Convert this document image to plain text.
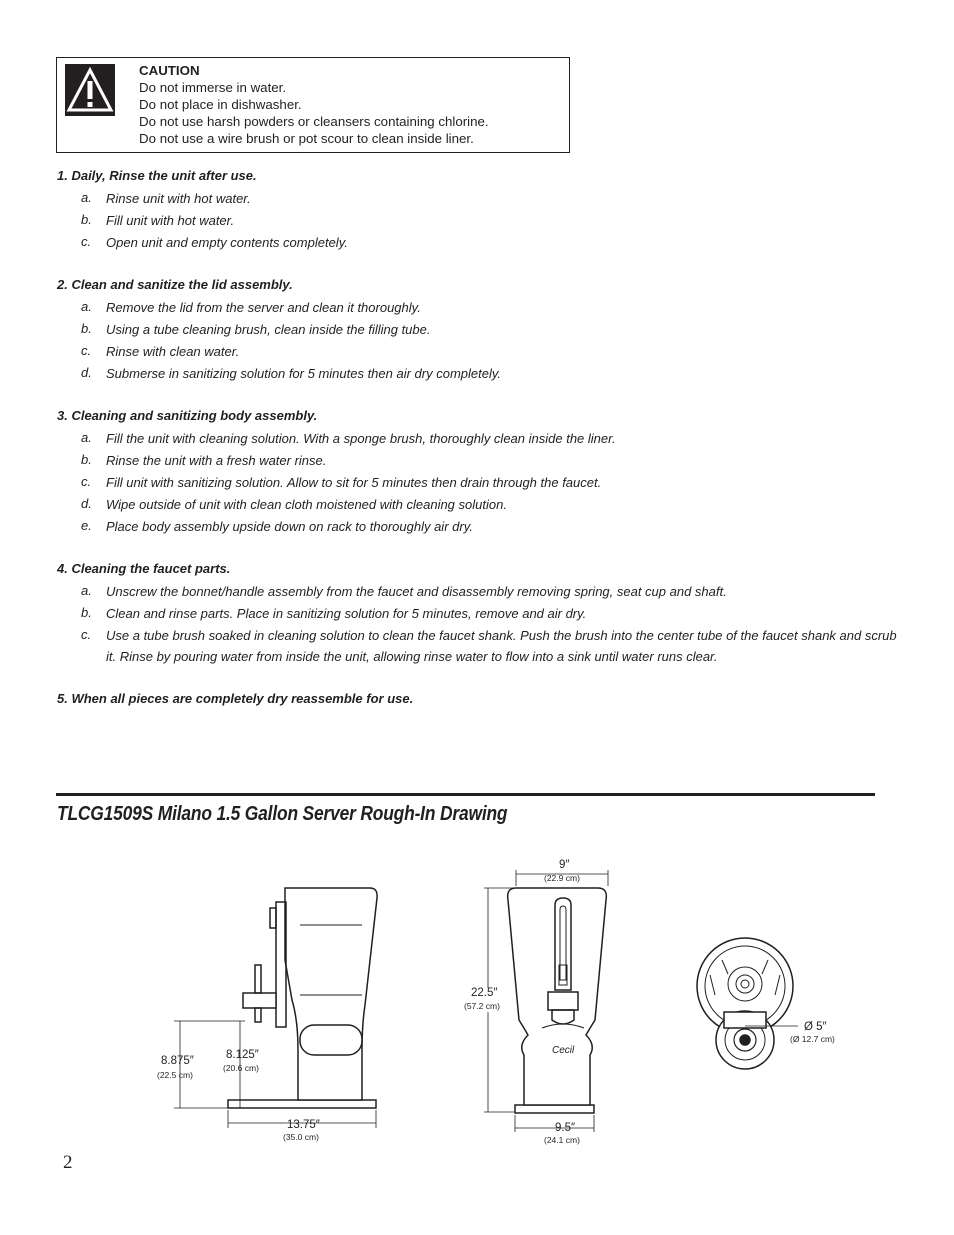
CAUTION
Do not immerse in water.
Do not place in dishwasher.
Do not use harsh powders or cleansers containing chlorine.
Do not use a wire brush or pot scour to clean inside liner.
1. Daily, Rinse the unit after use.
a.	Rinse unit with hot water.
b.	Fill unit with hot water.
c.	Open unit and empty contents completely.
2. Clean and sanitize the lid assembly.
a.	Remove the lid from the server and clean it thoroughly.
b.	Using a tube cleaning brush, clean inside the filling tube.
c.	Rinse with clean water.
d.	Submerse in sanitizing solution for 5 minutes then air dry completely.
3. Cleaning and sanitizing body assembly.
a.	Fill the unit with cleaning solution. With a sponge brush, thoroughly clean inside the liner.
b.	Rinse the unit with a fresh water rinse.
c.	Fill unit with sanitizing solution. Allow to sit for 5 minutes then drain through the faucet.
d.	Wipe outside of unit with clean cloth moistened with cleaning solution.
e.	Place body assembly upside down on rack to thoroughly air dry.
4. Cleaning the faucet parts.
a.	Unscrew the bonnet/handle assembly from the faucet and disassembly removing spring, seat cup and shaft.
b.	Clean and rinse parts. Place in sanitizing solution for 5 minutes, remove and air dry.
c.	Use a tube brush soaked in cleaning solution to clean the faucet shank. Push the brush into the center tube of the faucet shank and scrub it. Rinse by pouring water from inside the unit, allowing rinse water to flow into a sink until water runs clear.
5. When all pieces are completely dry reassemble for use.
TLCG1509S Milano 1.5 Gallon Server Rough-In Drawing
8.875″
(22.5 cm)
8.125″
(20.6 cm)
13.75″
(35.0 cm)
Cecil
9″
(22.9 cm)
22.5″
(57.2 cm)
9.5″
(24.1 cm)
Ø 5″
(Ø 12.7 cm)
2
